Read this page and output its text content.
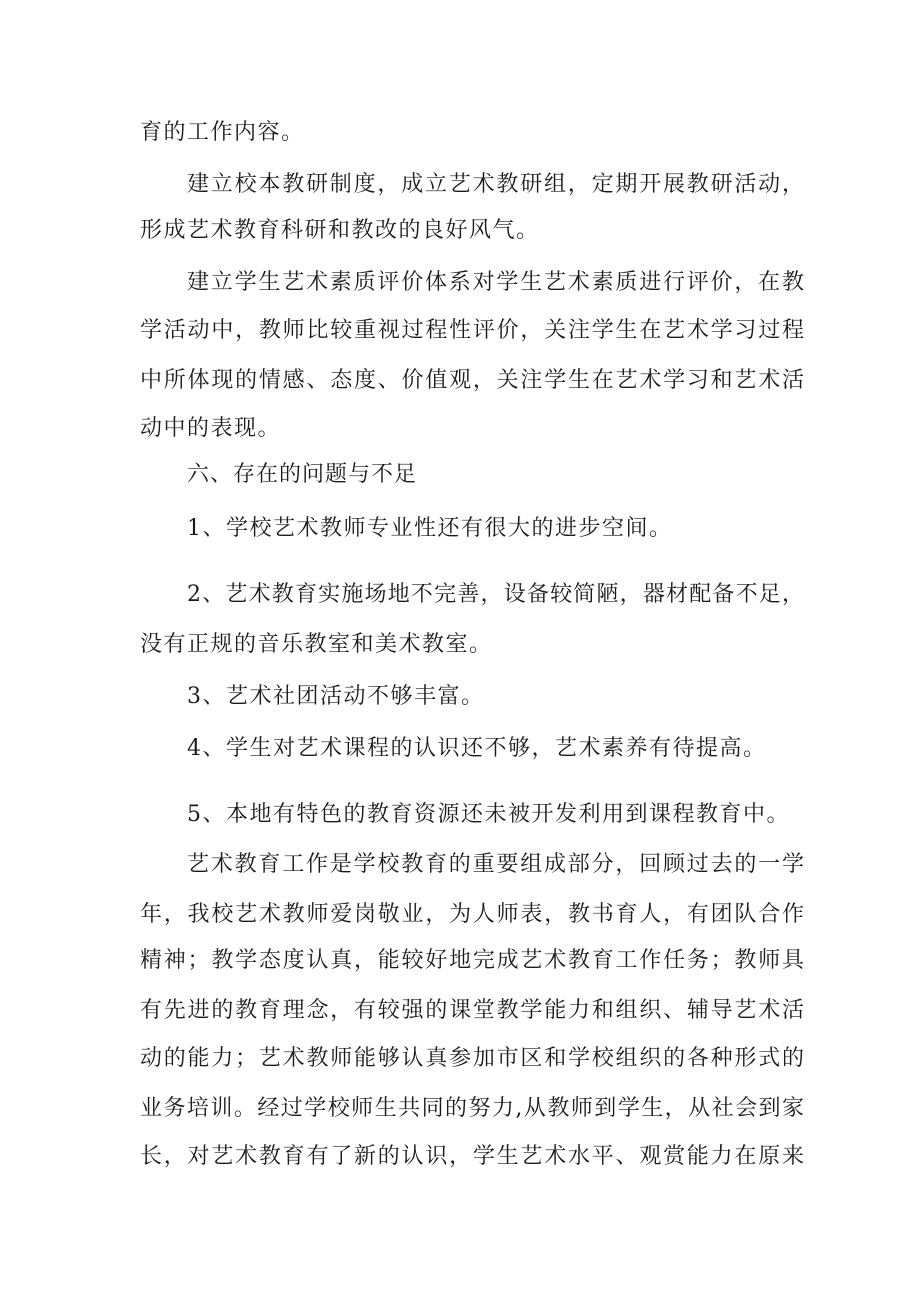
育的工作内容。

建立校本教研制度，成立艺术教研组，定期开展教研活动，

形成艺术教育科研和教改的良好风气。

建立学生艺术素质评价体系对学生艺术素质进行评价，在教

学活动中，教师比较重视过程性评价，关注学生在艺术学习过程

中所体现的情感、态度、价值观，关注学生在艺术学习和艺术活

动中的表现。

六、存在的问题与不足

1、学校艺术教师专业性还有很大的进步空间。

2、艺术教育实施场地不完善，设备较简陋，器材配备不足，

没有正规的音乐教室和美术教室。

3、艺术社团活动不够丰富。

4、学生对艺术课程的认识还不够，艺术素养有待提高。

5、本地有特色的教育资源还未被开发利用到课程教育中。

艺术教育工作是学校教育的重要组成部分，回顾过去的一学

年，我校艺术教师爱岗敬业，为人师表，教书育人，有团队合作

精神；教学态度认真，能较好地完成艺术教育工作任务；教师具

有先进的教育理念，有较强的课堂教学能力和组织、辅导艺术活

动的能力；艺术教师能够认真参加市区和学校组织的各种形式的

业务培训。经过学校师生共同的努力,从教师到学生，从社会到家

长，对艺术教育有了新的认识，学生艺术水平、观赏能力在原来
